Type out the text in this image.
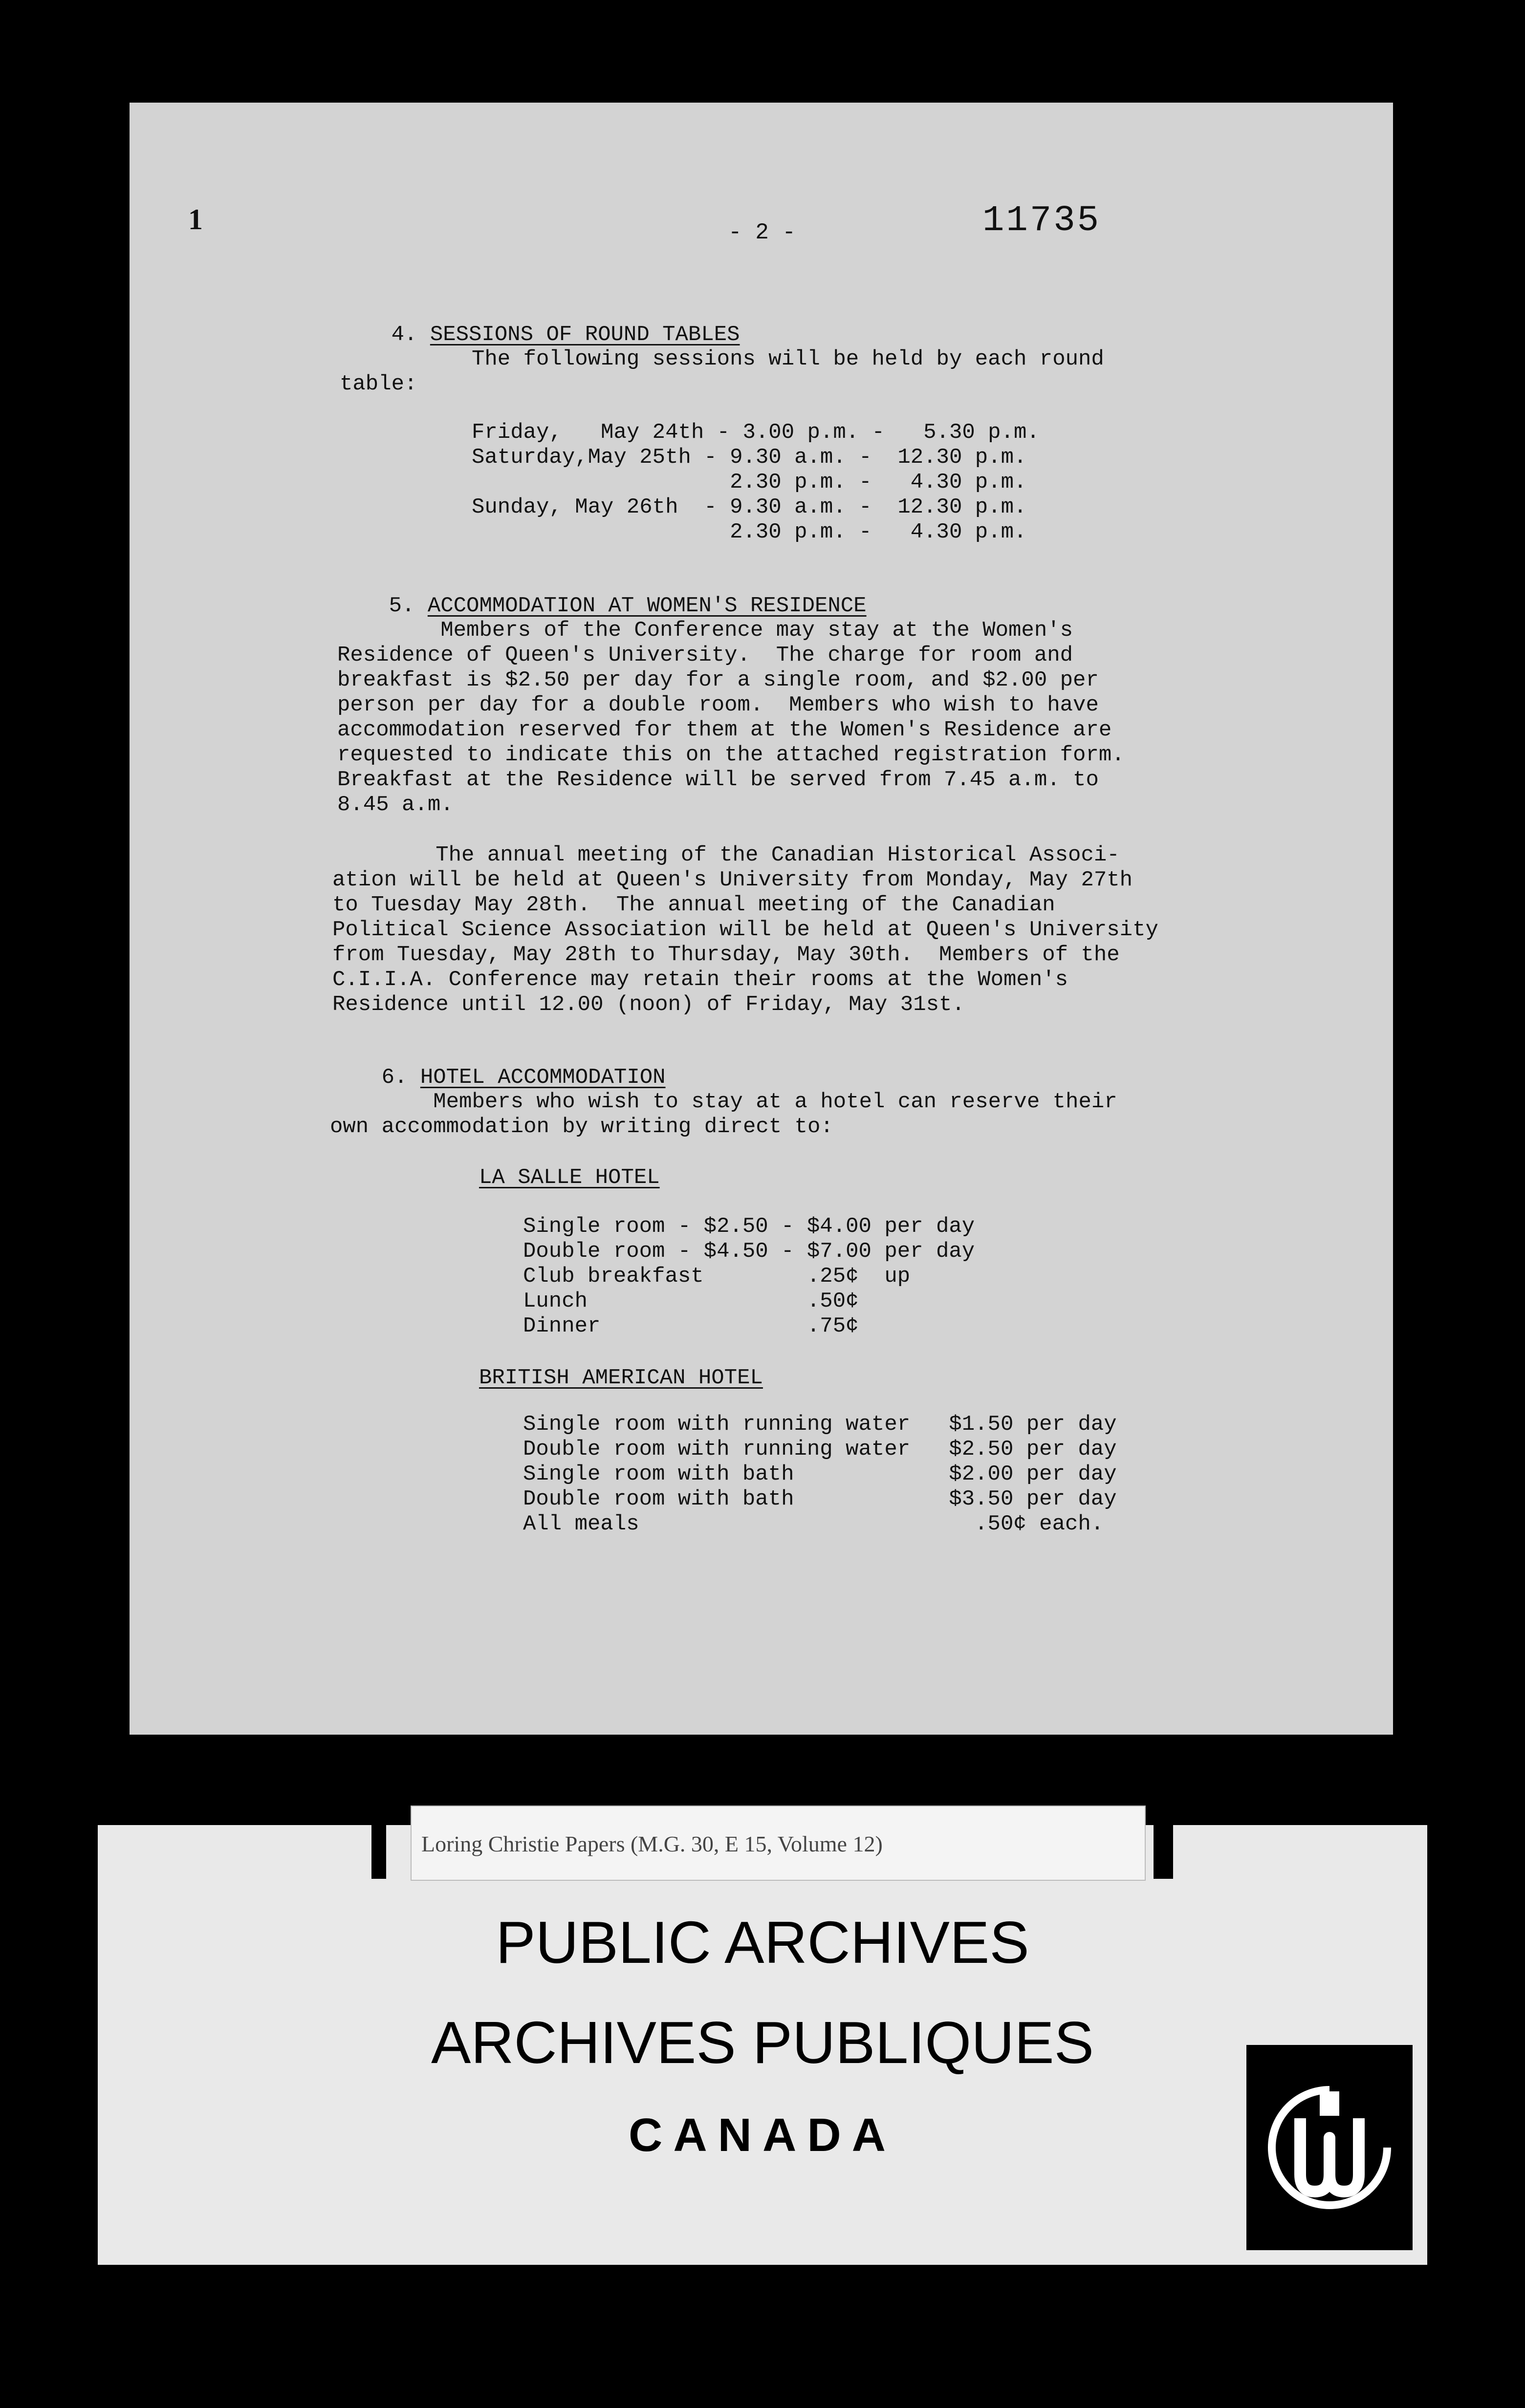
1	- 2 -	11735

4. SESSIONS OF ROUND TABLES

The following sessions will be held by each round
table:
Friday,   May 24th - 3.00 p.m. -   5.30 p.m.
Saturday,May 25th - 9.30 a.m. -  12.30 p.m.
2.30 p.m. -   4.30 p.m.
Sunday, May 26th  - 9.30 a.m. -  12.30 p.m.
2.30 p.m. -   4.30 p.m.

5. ACCOMMODATION AT WOMEN'S RESIDENCE

Members of the Conference may stay at the Women's
Residence of Queen's University.  The charge for room and
breakfast is $2.50 per day for a single room, and $2.00 per
person per day for a double room.  Members who wish to have
accommodation reserved for them at the Women's Residence are
requested to indicate this on the attached registration form.
Breakfast at the Residence will be served from 7.45 a.m. to
8.45 a.m.
The annual meeting of the Canadian Historical Associ-
ation will be held at Queen's University from Monday, May 27th
to Tuesday May 28th.  The annual meeting of the Canadian
Political Science Association will be held at Queen's University
from Tuesday, May 28th to Thursday, May 30th.  Members of the
C.I.I.A. Conference may retain their rooms at the Women's
Residence until 12.00 (noon) of Friday, May 31st.

6. HOTEL ACCOMMODATION

Members who wish to stay at a hotel can reserve their
own accommodation by writing direct to:
LA SALLE HOTEL
Single room - $2.50 - $4.00 per day
Double room - $4.50 - $7.00 per day
Club breakfast        .25¢  up
Lunch                 .50¢
Dinner                .75¢
BRITISH AMERICAN HOTEL
Single room with running water   $1.50 per day
Double room with running water   $2.50 per day
Single room with bath            $2.00 per day
Double room with bath            $3.50 per day
All meals                          .50¢ each.
Loring Christie Papers (M.G. 30, E 15, Volume 12)
PUBLIC ARCHIVES
ARCHIVES PUBLIQUES
CANADA
